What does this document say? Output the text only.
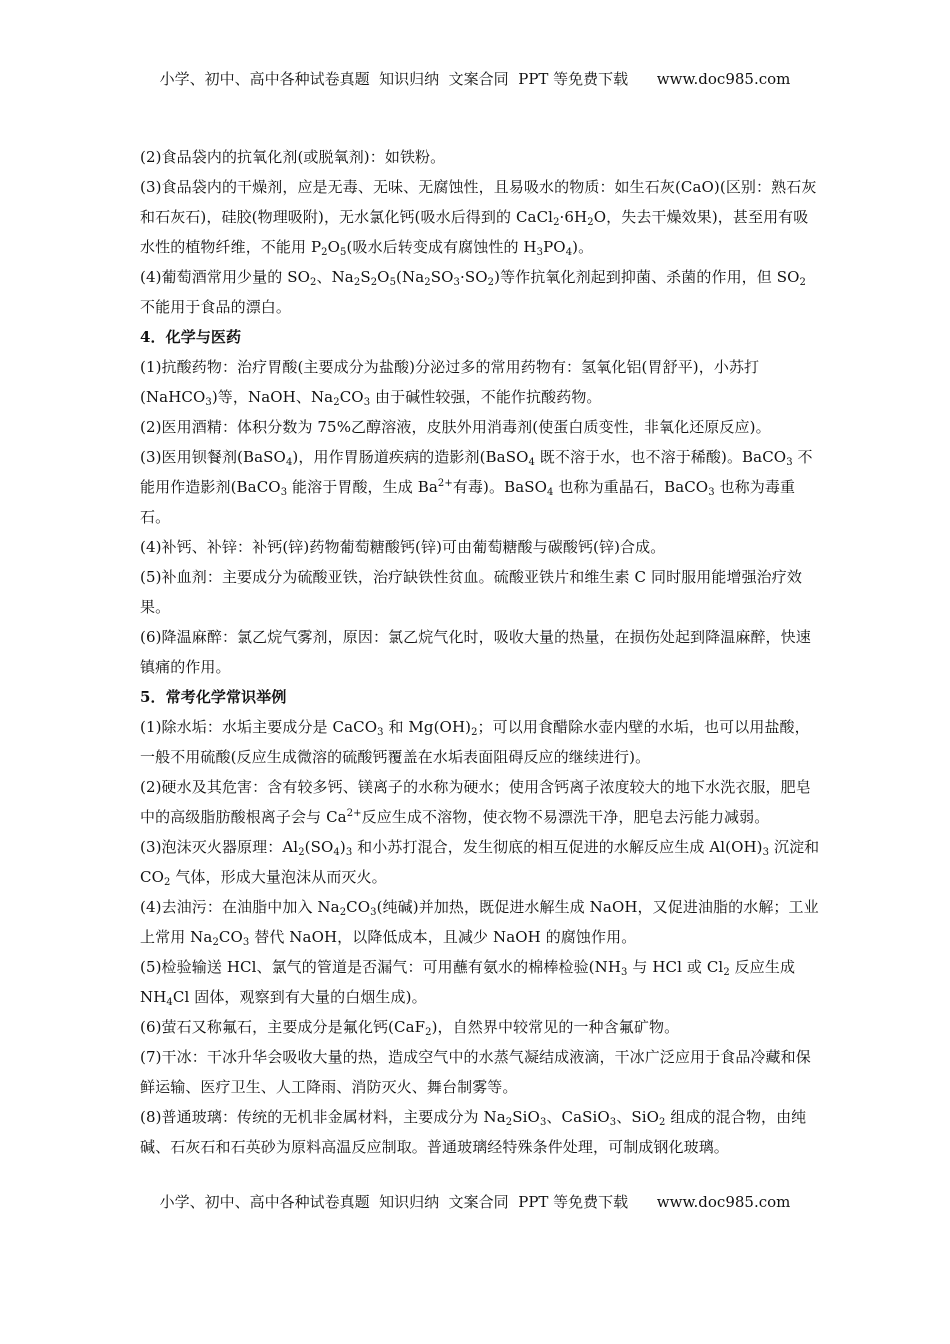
小学、初中、高中各种试卷真题  知识归纳  文案合同  PPT 等免费下载      www.doc985.com

(2)食品袋内的抗氧化剂(或脱氧剂)：如铁粉。

(3)食品袋内的干燥剂，应是无毒、无味、无腐蚀性，且易吸水的物质：如生石灰(CaO)(区别：熟石灰和石灰石)，硅胶(物理吸附)，无水氯化钙(吸水后得到的 $CaCl_2\cdot 6H_2O$，失去干燥效果)，甚至用有吸水性的植物纤维，不能用 $P_2O_5$(吸水后转变成有腐蚀性的 $H_3PO_4$)。

(4)葡萄酒常用少量的 $SO_2$、$Na_2S_2O_5(Na_2SO_3\cdot SO_2)$等作抗氧化剂起到抑菌、杀菌的作用，但 $SO_2$ 不能用于食品的漂白。

4．化学与医药

(1)抗酸药物：治疗胃酸(主要成分为盐酸)分泌过多的常用药物有：氢氧化铝(胃舒平)，小苏打(NaHCO$_3$)等，NaOH、$Na_2CO_3$ 由于碱性较强，不能作抗酸药物。

(2)医用酒精：体积分数为 75%乙醇溶液，皮肤外用消毒剂(使蛋白质变性，非氧化还原反应)。

(3)医用钡餐剂(BaSO$_4$)，用作胃肠道疾病的造影剂(BaSO$_4$ 既不溶于水，也不溶于稀酸)。BaCO$_3$ 不能用作造影剂(BaCO$_3$ 能溶于胃酸，生成 $Ba^{2+}$有毒)。BaSO$_4$ 也称为重晶石，BaCO$_3$ 也称为毒重石。

(4)补钙、补锌：补钙(锌)药物葡萄糖酸钙(锌)可由葡萄糖酸与碳酸钙(锌)合成。

(5)补血剂：主要成分为硫酸亚铁，治疗缺铁性贫血。硫酸亚铁片和维生素 C 同时服用能增强治疗效果。

(6)降温麻醉：氯乙烷气雾剂，原因：氯乙烷气化时，吸收大量的热量，在损伤处起到降温麻醉，快速镇痛的作用。

5．常考化学常识举例

(1)除水垢：水垢主要成分是 CaCO$_3$ 和 $Mg(OH)_2$；可以用食醋除水壶内壁的水垢，也可以用盐酸，一般不用硫酸(反应生成微溶的硫酸钙覆盖在水垢表面阻碍反应的继续进行)。

(2)硬水及其危害：含有较多钙、镁离子的水称为硬水；使用含钙离子浓度较大的地下水洗衣服，肥皂中的高级脂肪酸根离子会与 $Ca^{2+}$反应生成不溶物，使衣物不易漂洗干净，肥皂去污能力减弱。

(3)泡沫灭火器原理：$Al_2(SO_4)_3$ 和小苏打混合，发生彻底的相互促进的水解反应生成 $Al(OH)_3$ 沉淀和 $CO_2$ 气体，形成大量泡沫从而灭火。

(4)去油污：在油脂中加入 $Na_2CO_3$(纯碱)并加热，既促进水解生成 NaOH，又促进油脂的水解；工业上常用 $Na_2CO_3$ 替代 NaOH，以降低成本，且减少 NaOH 的腐蚀作用。

(5)检验输送 HCl、氯气的管道是否漏气：可用蘸有氨水的棉棒检验($NH_3$ 与 HCl 或 $Cl_2$ 反应生成 $NH_4Cl$ 固体，观察到有大量的白烟生成)。

(6)萤石又称氟石，主要成分是氟化钙(CaF$_2$)，自然界中较常见的一种含氟矿物。

(7)干冰：干冰升华会吸收大量的热，造成空气中的水蒸气凝结成液滴，干冰广泛应用于食品冷藏和保鲜运输、医疗卫生、人工降雨、消防灭火、舞台制雾等。

(8)普通玻璃：传统的无机非金属材料，主要成分为 $Na_2SiO_3$、CaSiO$_3$、SiO$_2$ 组成的混合物，由纯碱、石灰石和石英砂为原料高温反应制取。普通玻璃经特殊条件处理，可制成钢化玻璃。

小学、初中、高中各种试卷真题  知识归纳  文案合同  PPT 等免费下载      www.doc985.com
